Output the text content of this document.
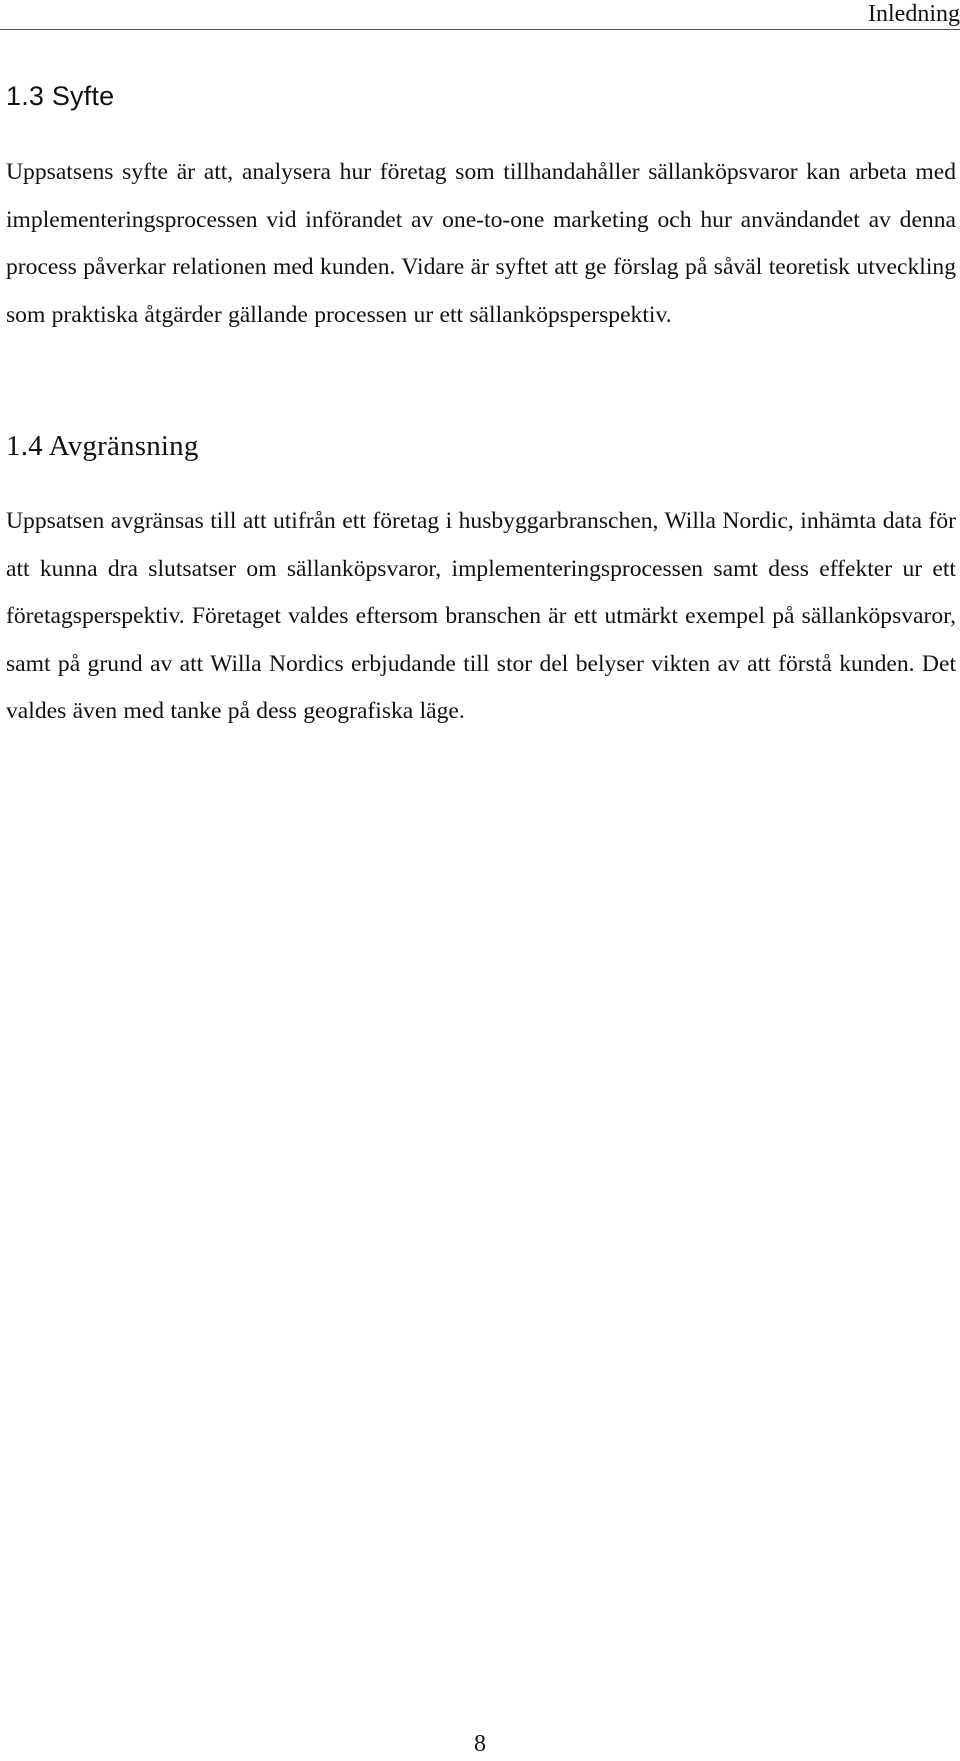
Inledning
1.3 Syfte

Uppsatsens syfte är att, analysera hur företag som tillhandahåller sällanköpsvaror kan arbeta med implementeringsprocessen vid införandet av one-to-one marketing och hur användandet av denna process påverkar relationen med kunden. Vidare är syftet att ge förslag på såväl teoretisk utveckling som praktiska åtgärder gällande processen ur ett sällanköpsperspektiv.

1.4 Avgränsning

Uppsatsen avgränsas till att utifrån ett företag i husbyggarbranschen, Willa Nordic, inhämta data för att kunna dra slutsatser om sällanköpsvaror, implementeringsprocessen samt dess effekter ur ett företagsperspektiv. Företaget valdes eftersom branschen är ett utmärkt exempel på sällanköpsvaror, samt på grund av att Willa Nordics erbjudande till stor del belyser vikten av att förstå kunden. Det valdes även med tanke på dess geografiska läge.

8
